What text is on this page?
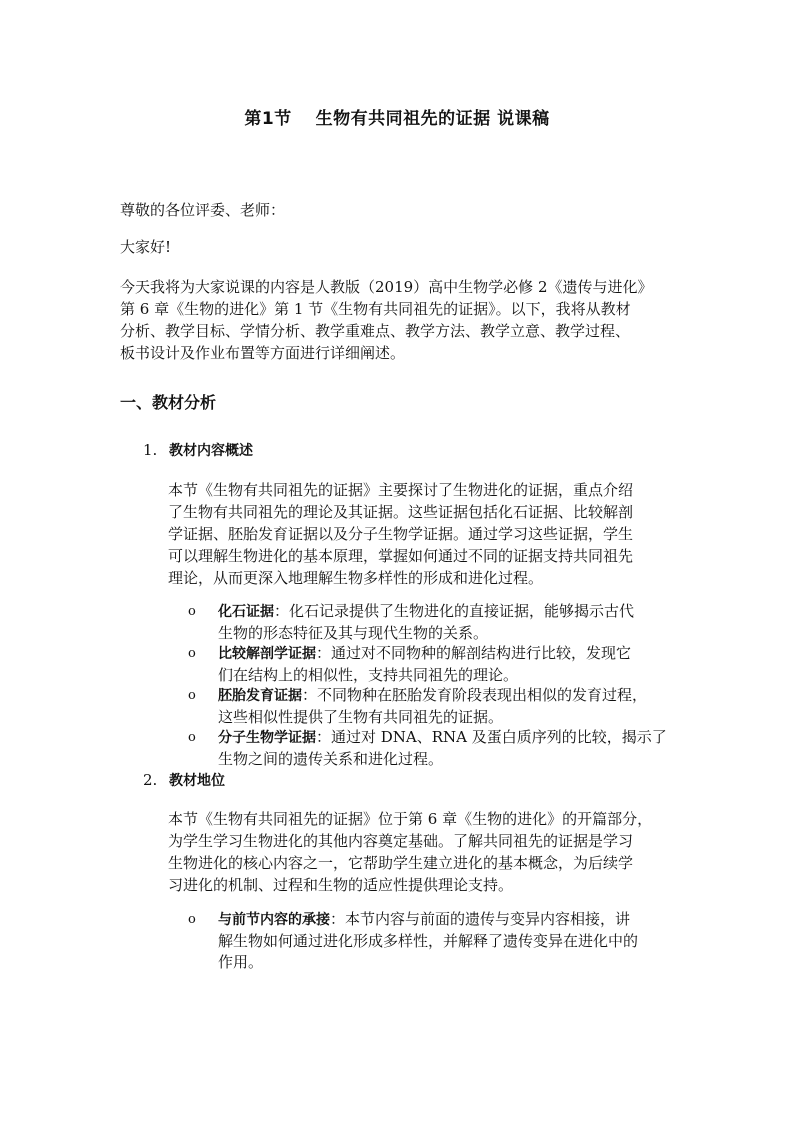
第1节　 生物有共同祖先的证据 说课稿

尊敬的各位评委、老师：

大家好!

今天我将为大家说课的内容是人教版（2019）高中生物学必修 2《遗传与进化》
第 6 章《生物的进化》第 1 节《生物有共同祖先的证据》。以下，我将从教材
分析、教学目标、学情分析、教学重难点、教学方法、教学立意、教学过程、
板书设计及作业布置等方面进行详细阐述。
一、教材分析
1. 教材内容概述
本节《生物有共同祖先的证据》主要探讨了生物进化的证据，重点介绍
了生物有共同祖先的理论及其证据。这些证据包括化石证据、比较解剖
学证据、胚胎发育证据以及分子生物学证据。通过学习这些证据，学生
可以理解生物进化的基本原理，掌握如何通过不同的证据支持共同祖先
理论，从而更深入地理解生物多样性的形成和进化过程。
o 化石证据：化石记录提供了生物进化的直接证据，能够揭示古代
生物的形态特征及其与现代生物的关系。
o 比较解剖学证据：通过对不同物种的解剖结构进行比较，发现它
们在结构上的相似性，支持共同祖先的理论。
o 胚胎发育证据：不同物种在胚胎发育阶段表现出相似的发育过程，
这些相似性提供了生物有共同祖先的证据。
o 分子生物学证据：通过对 DNA、RNA 及蛋白质序列的比较，揭示了
生物之间的遗传关系和进化过程。
2. 教材地位
本节《生物有共同祖先的证据》位于第 6 章《生物的进化》的开篇部分，
为学生学习生物进化的其他内容奠定基础。了解共同祖先的证据是学习
生物进化的核心内容之一，它帮助学生建立进化的基本概念，为后续学
习进化的机制、过程和生物的适应性提供理论支持。
o 与前节内容的承接：本节内容与前面的遗传与变异内容相接，讲
解生物如何通过进化形成多样性，并解释了遗传变异在进化中的
作用。
